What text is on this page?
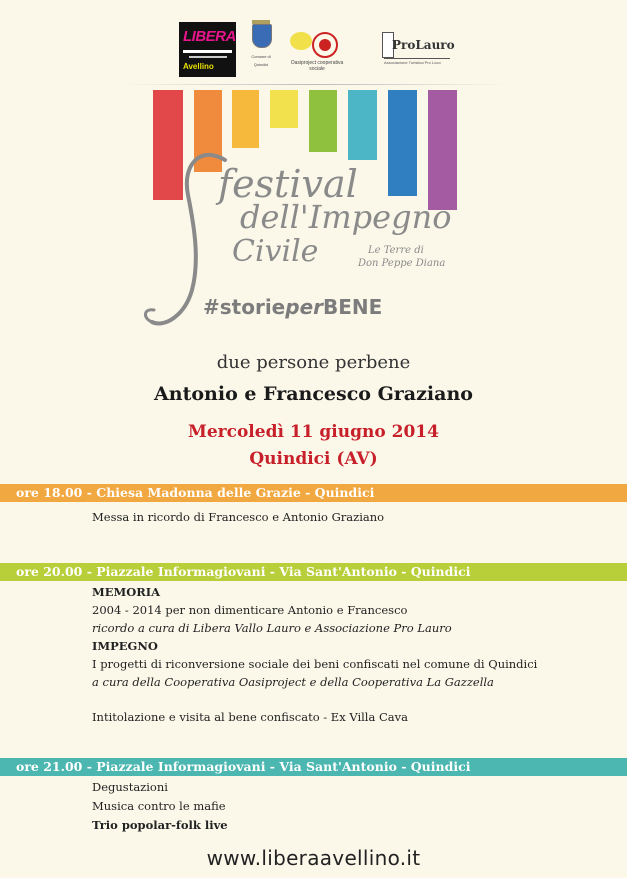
LIBERA
Avellino
Comune di
Quindici	Oasiproject cooperativa sociale
ProLauro
Associazione Turistica Pro Loco
festival
dell'Impegno
Civile	Le Terre di
Don Peppe Diana
#storieperBENE
due persone perbene
Antonio e Francesco Graziano
Mercoledì 11 giugno 2014
Quindici (AV)
ore 18.00 - Chiesa Madonna delle Grazie - Quindici
Messa in ricordo di Francesco e Antonio Graziano
ore 20.00 - Piazzale Informagiovani - Via Sant'Antonio - Quindici
MEMORIA
2004 - 2014 per non dimenticare Antonio e Francesco
ricordo a cura di Libera Vallo Lauro e Associazione Pro Lauro
IMPEGNO
I progetti di riconversione sociale dei beni confiscati nel comune di Quindici
a cura della Cooperativa Oasiproject e della Cooperativa La Gazzella
Intitolazione e visita al bene confiscato - Ex Villa Cava
ore 21.00 - Piazzale Informagiovani - Via Sant'Antonio - Quindici
Degustazioni
Musica contro le mafie
Trio popolar-folk live
www.liberaavellino.it
